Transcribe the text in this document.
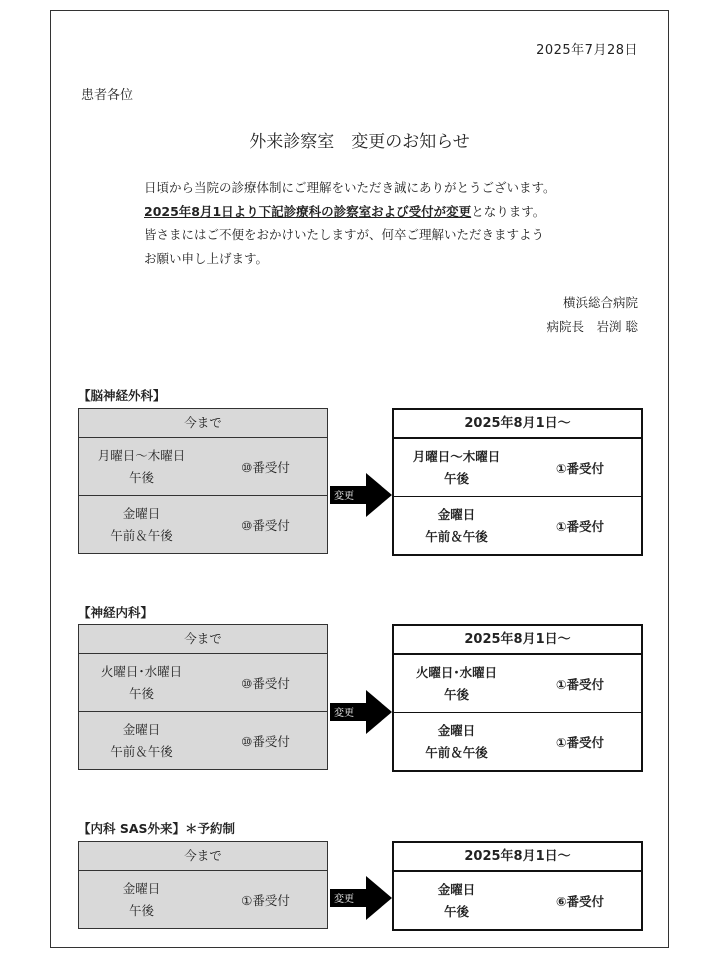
2025年7月28日
患者各位
外来診察室　変更のお知らせ

日頃から当院の診療体制にご理解をいただき誠にありがとうございます。

2025年8月1日より下記診療科の診察室および受付が変更となります。

皆さまにはご不便をおかけいたしますが、何卒ご理解いただきますよう

お願い申し上げます。

横浜総合病院

病院長　岩渕 聡

【脳神経外科】
今まで
月曜日～木曜日
午後
⑩番受付
金曜日
午前＆午後
⑩番受付
変更
2025年8月1日～
月曜日～木曜日
午後
①番受付
金曜日
午前＆午後
①番受付
【神経内科】
今まで
火曜日･水曜日
午後
⑩番受付
金曜日
午前＆午後
⑩番受付
変更
2025年8月1日～
火曜日･水曜日
午後
①番受付
金曜日
午前＆午後
①番受付
【内科 SAS外来】＊予約制
今まで
金曜日
午後
①番受付	変更
2025年8月1日～
金曜日
午後
⑥番受付
